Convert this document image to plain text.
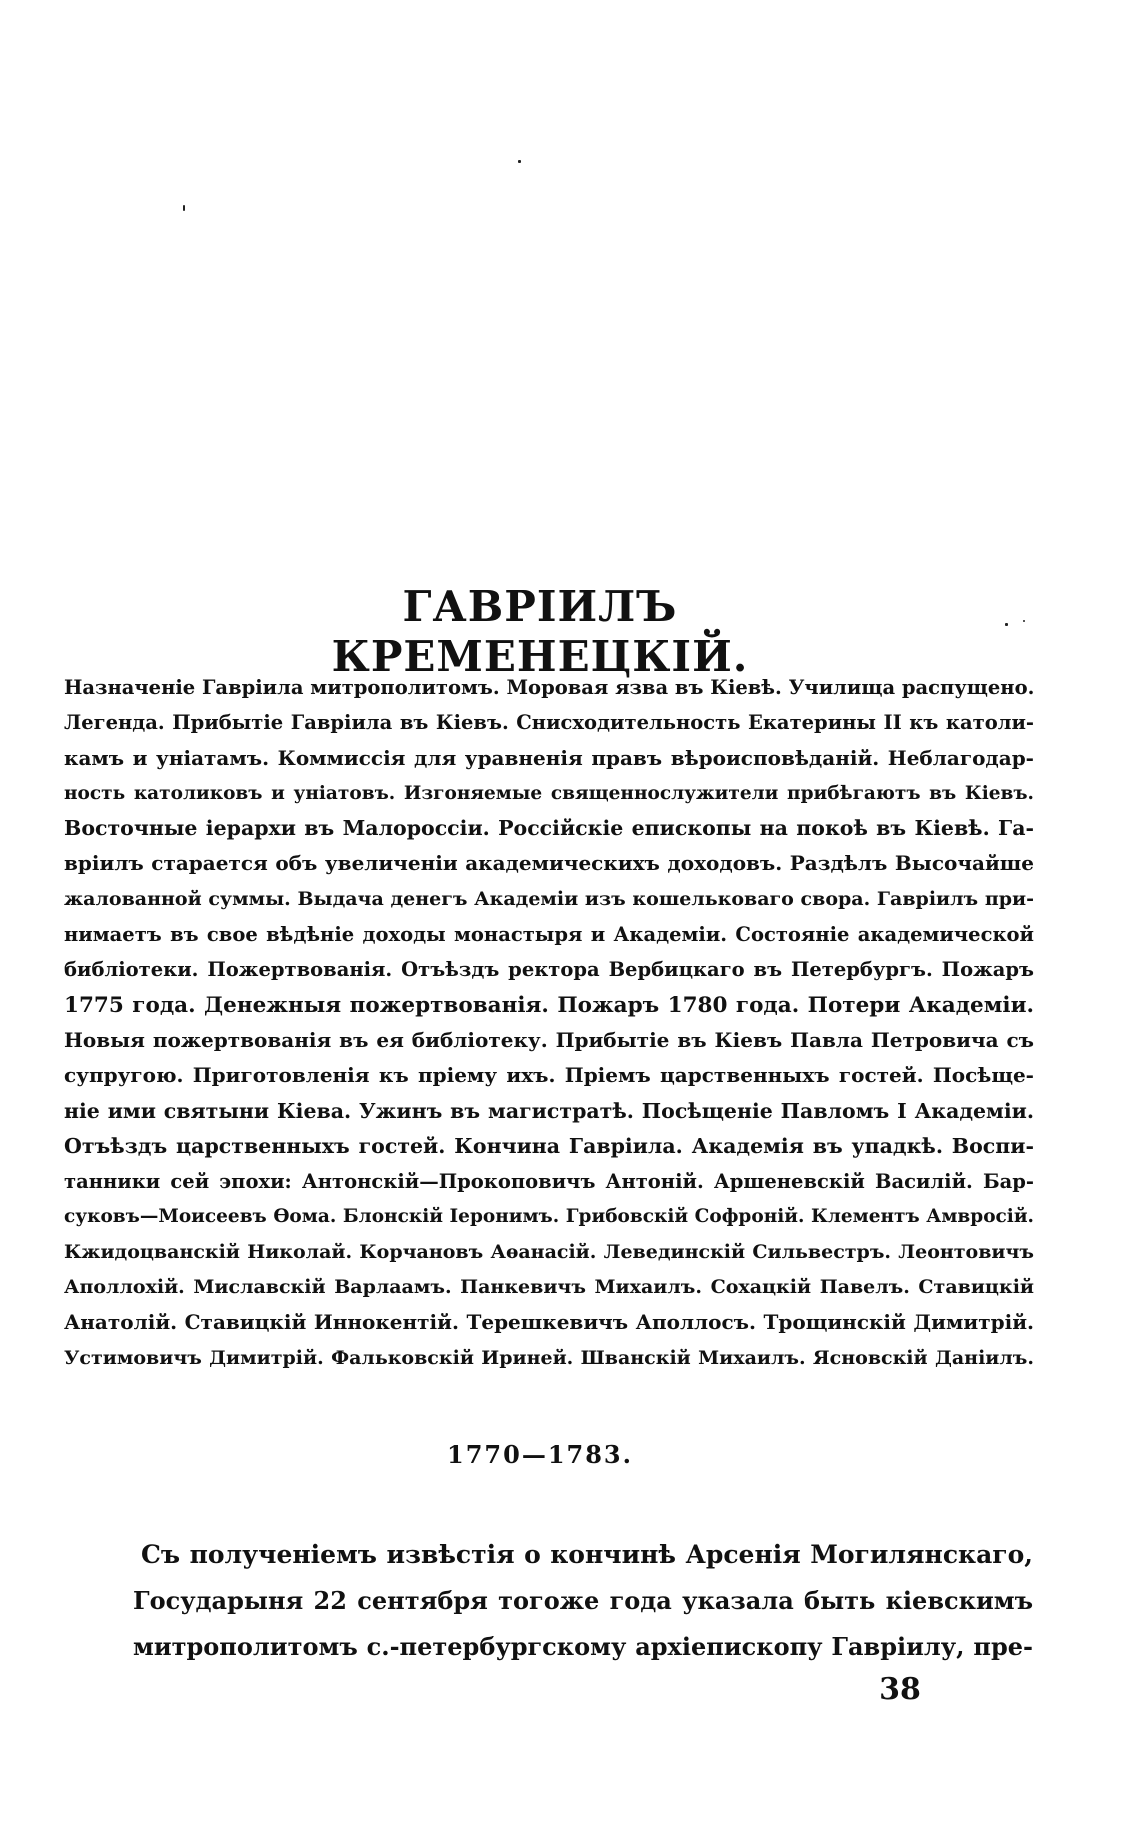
ГАВРІИЛЪ КРЕМЕНЕЦКІЙ.
Назначеніе Гавріила митрополитомъ. Моровая язва въ Кіевѣ. Училища распущено.
Легенда. Прибытіе Гавріила въ Кіевъ. Снисходительность Екатерины II къ католи-
камъ и уніатамъ. Коммиссія для уравненія правъ вѣроисповѣданій. Неблагодар-
ность католиковъ и уніатовъ. Изгоняемые священнослужители прибѣгаютъ въ Кіевъ.
Восточные іерархи въ Малороссіи. Россійскіе епископы на покоѣ въ Кіевѣ. Га-
вріилъ старается объ увеличеніи академическихъ доходовъ. Раздѣлъ Высочайше
жалованной суммы. Выдача денегъ Академіи изъ кошельковаго свора. Гавріилъ при-
нимаетъ въ свое вѣдѣніе доходы монастыря и Академіи. Состояніе академической
библіотеки. Пожертвованія. Отъѣздъ ректора Вербицкаго въ Петербургъ. Пожаръ
1775 года. Денежныя пожертвованія. Пожаръ 1780 года. Потери Академіи.
Новыя пожертвованія въ ея библіотеку. Прибытіе въ Кіевъ Павла Петровича съ
супругою. Приготовленія къ пріему ихъ. Пріемъ царственныхъ гостей. Посѣще-
ніе ими святыни Кіева. Ужинъ въ магистратѣ. Посѣщеніе Павломъ I Академіи.
Отъѣздъ царственныхъ гостей. Кончина Гавріила. Академія въ упадкѣ. Воспи-
танники сей эпохи: Антонскій—Прокоповичъ Антоній. Аршеневскій Василій. Бар-
суковъ—Моисеевъ Ѳома. Блонскій Іеронимъ. Грибовскій Софроній. Клементъ Амвросій.
Кжидоцванскій Николай. Корчановъ Аѳанасій. Левединскій Сильвестръ. Леонтовичъ
Аполлохій. Миславскій Варлаамъ. Панкевичъ Михаилъ. Сохацкій Павелъ. Ставицкій
Анатолій. Ставицкій Иннокентій. Терешкевичъ Аполлосъ. Трощинскій Димитрій.
Устимовичъ Димитрій. Фальковскій Ириней. Шванскій Михаилъ. Ясновскій Даніилъ.
1770—1783.
Съ полученіемъ извѣстія о кончинѣ Арсенія Могилянскаго,
Государыня 22 сентября тогоже года указала быть кіевскимъ
митрополитомъ с.-петербургскому архіепископу Гавріилу, пре-
38
